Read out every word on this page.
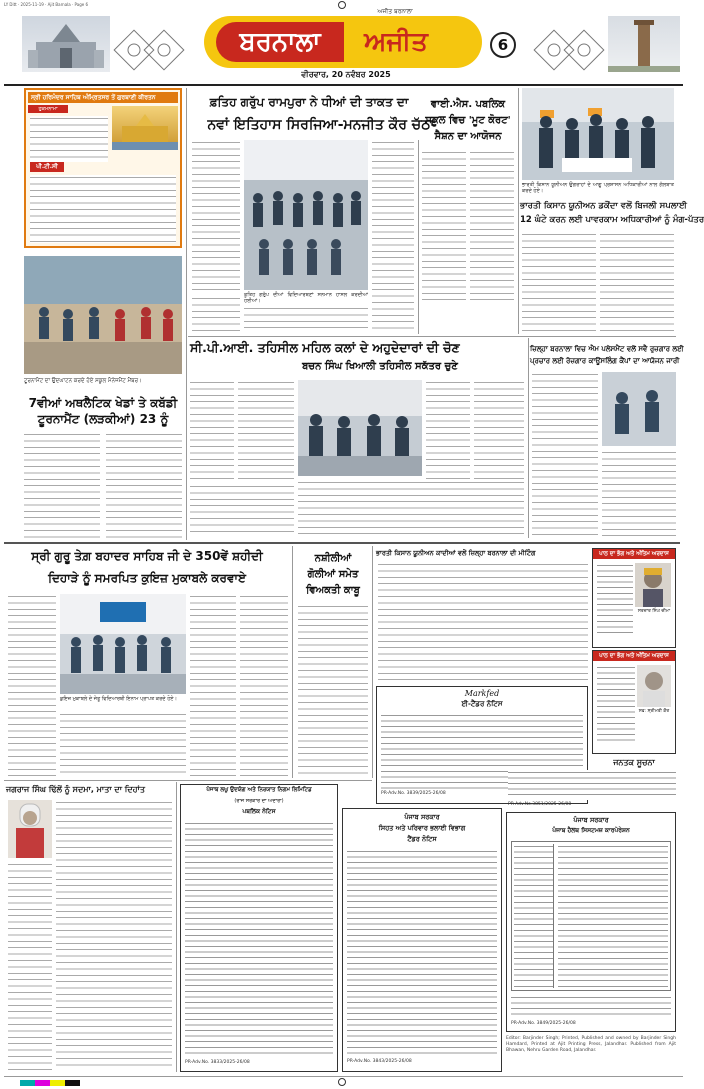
LY Ditt · 2025-11-19 · Ajit Barnala · Page 6
ਬਰਨਾਲਾ	ਅਜੀਤ
ਅਜੀਤ ਬਰਨਾਲਾ
6
ਵੀਰਵਾਰ, 20 ਨਵੰਬਰ 2025
ਸ੍ਰੀ ਹਰਿਮੰਦਰ ਸਾਹਿਬ ਅੰਮ੍ਰਿਤਸਰ ਤੋਂ ਗੁਰਬਾਣੀ ਕੀਰਤਨ
ਹੁਕਮਨਾਮਾ
ਪੀ.ਟੀ.ਸੀ
ਟੂਰਨਾਮੈਂਟ ਦਾ ਉਦਘਾਟਨ ਕਰਦੇ ਹੋਏ ਸਕੂਲ ਮੈਨੇਜਮੈਂਟ ਮੈਂਬਰ।
7ਵੀਆਂ ਅਥਲੈਟਿਕ ਖੇਡਾਂ ਤੇ ਕਬੱਡੀ
ਟੂਰਨਾਮੈਂਟ (ਲੜਕੀਆਂ) 23 ਨੂੰ
ਫ਼ਤਿਹ ਗਰੁੱਪ ਰਾਮਪੁਰਾ ਨੇ ਧੀਆਂ ਦੀ ਤਾਕਤ ਦਾ
ਨਵਾਂ ਇਤਿਹਾਸ ਸਿਰਜਿਆ-ਮਨਜੀਤ ਕੌਰ ਚੱਠਾ
ਫ਼ਤਿਹ ਗਰੁੱਪ ਦੀਆਂ ਵਿਦਿਆਰਥਣਾਂ ਸਨਮਾਨ ਹਾਸਲ ਕਰਦੀਆਂ ਹੋਈਆਂ।
ਵਾਈ.ਐਸ. ਪਬਲਿਕ
ਸਕੂਲ ਵਿਚ 'ਮੂਟ ਕੋਰਟ'
ਸੈਸ਼ਨ ਦਾ ਆਯੋਜਨ
ਭਾਰਤੀ ਕਿਸਾਨ ਯੂਨੀਅਨ ਉਗਰਾਹਾਂ ਦੇ ਆਗੂ ਪ੍ਰਸ਼ਾਸਨ ਅਧਿਕਾਰੀਆਂ ਨਾਲ ਗੱਲਬਾਤ ਕਰਦੇ ਹੋਏ।
ਭਾਰਤੀ ਕਿਸਾਨ ਯੂਨੀਅਨ ਡਕੌਂਦਾ ਵਲੋਂ ਬਿਜਲੀ ਸਪਲਾਈ
12 ਘੰਟੇ ਕਰਨ ਲਈ ਪਾਵਰਕਾਮ ਅਧਿਕਾਰੀਆਂ ਨੂੰ ਮੰਗ-ਪੱਤਰ
ਸੀ.ਪੀ.ਆਈ. ਤਹਿਸੀਲ ਮਹਿਲ ਕਲਾਂ ਦੇ ਅਹੁਦੇਦਾਰਾਂ ਦੀ ਚੋਣ
ਬਚਨ ਸਿੰਘ ਖਿਆਲੀ ਤਹਿਸੀਲ ਸਕੱਤਰ ਚੁਣੇ
ਜ਼ਿਲ੍ਹਾ ਬਰਨਾਲਾ ਵਿਚ ਐਮ ਪਲੇਸਮੈਂਟ ਵਲੋਂ ਸਵੈ ਰੁਜ਼ਗਾਰ ਲਈ
ਪ੍ਰਚਾਰ ਲਈ ਰੋਜ਼ਗਾਰ ਕਾਊਂਸਲਿੰਗ ਕੈਂਪਾਂ ਦਾ ਆਯੋਜਨ ਜਾਰੀ
ਸ੍ਰੀ ਗੁਰੂ ਤੇਗ਼ ਬਹਾਦਰ ਸਾਹਿਬ ਜੀ ਦੇ 350ਵੇਂ ਸ਼ਹੀਦੀ
ਦਿਹਾੜੇ ਨੂੰ ਸਮਰਪਿਤ ਕੁਇਜ਼ ਮੁਕਾਬਲੇ ਕਰਵਾਏ
ਕੁਇਜ਼ ਮੁਕਾਬਲੇ ਦੇ ਜੇਤੂ ਵਿਦਿਆਰਥੀ ਇਨਾਮ ਪ੍ਰਾਪਤ ਕਰਦੇ ਹੋਏ।
ਨਸ਼ੀਲੀਆਂ
ਗੋਲੀਆਂ ਸਮੇਤ
ਵਿਅਕਤੀ ਕਾਬੂ
ਭਾਰਤੀ ਕਿਸਾਨ ਯੂਨੀਅਨ ਕਾਦੀਆਂ ਵਲੋਂ ਜ਼ਿਲ੍ਹਾ ਬਰਨਾਲਾ ਦੀ ਮੀਟਿੰਗ	ਪਾਠ ਦਾ ਭੋਗ ਅਤੇ ਅੰਤਿਮ ਅਰਦਾਸ
ਸਰਦਾਰ ਸਿੰਘ ਚੀਮਾ
ਪਾਠ ਦਾ ਭੋਗ ਅਤੇ ਅੰਤਿਮ ਅਰਦਾਸ
ਸਵ: ਸ੍ਰੀਮਤੀ ਕੌਰ
Markfed
ਈ-ਟੈਂਡਰ ਨੋਟਿਸ
PR-Adv.No. 3839/2025-26/08
ਜਨਤਕ ਸੂਚਨਾ
PR-Adv.No.3851/2025-26/08
ਜਗਰਾਜ ਸਿੰਘ ਢਿੱਲੋਂ ਨੂੰ ਸਦਮਾ, ਮਾਤਾ ਦਾ ਦਿਹਾਂਤ	ਪੰਜਾਬ ਲਘੂ ਉਦਯੋਗ ਅਤੇ ਨਿਰਯਾਤ ਨਿਗਮ ਲਿਮਿਟਿਡ
(ਰਾਜ ਸਰਕਾਰ ਦਾ ਅਦਾਰਾ)
ਪਬਲਿਕ ਨੋਟਿਸ
PR-Adv.No. 3833/2025-26/08
ਪੰਜਾਬ ਸਰਕਾਰ
ਸਿਹਤ ਅਤੇ ਪਰਿਵਾਰ ਭਲਾਈ ਵਿਭਾਗ
ਟੈਂਡਰ ਨੋਟਿਸ
PR-Adv.No. 3843/2025-26/08
ਪੰਜਾਬ ਸਰਕਾਰ
ਪੰਜਾਬ ਹੈਲਥ ਸਿਸਟਮਜ਼ ਕਾਰਪੋਰੇਸ਼ਨ
PR-Adv.No. 3849/2025-26/08
Editor: Barjinder Singh; Printed, Published and owned by Barjinder Singh Hamdard, Printed at Ajit Printing Press, Jalandhar. Published from Ajit Bhawan, Nehru Garden Road, Jalandhar.
